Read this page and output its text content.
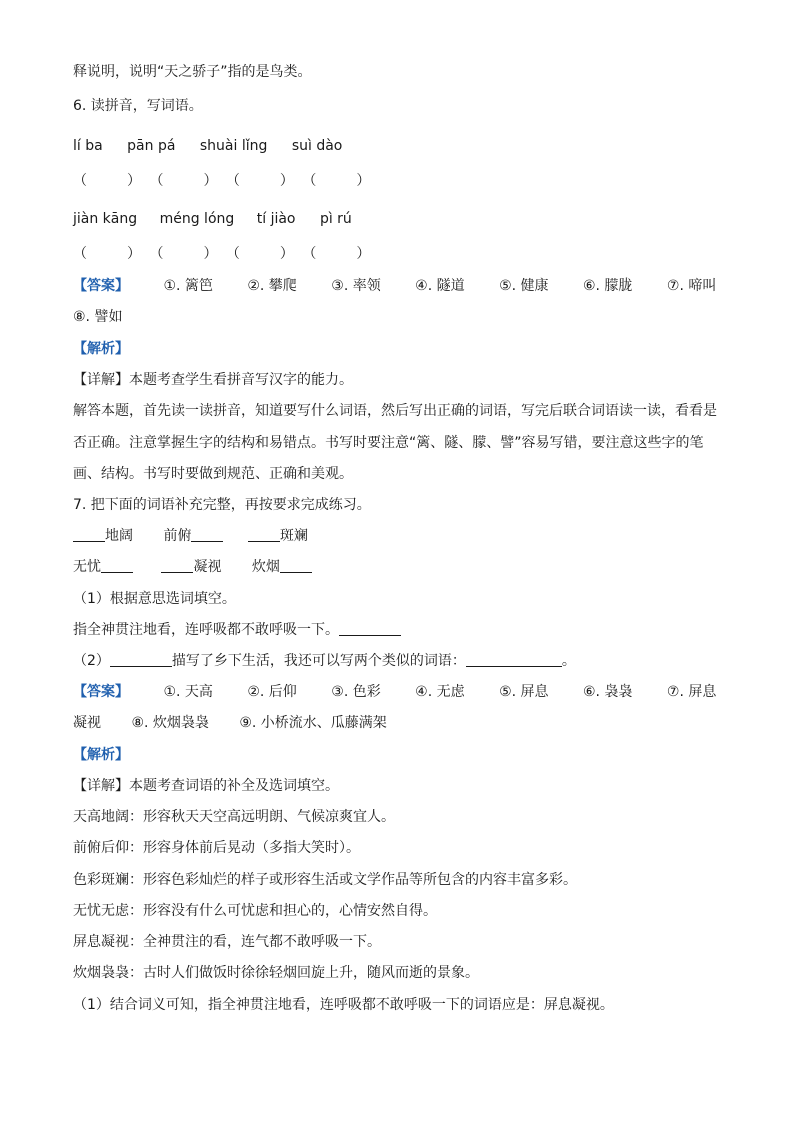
释说明，说明“天之骄子”指的是鸟类。
6. 读拼音，写词语。
lí ba pān pá shuài lǐng suì dào
（	） （	） （	） （	）
jiàn kāng méng lóng tí jiào pì rú
（	） （	） （	） （	）
【答案】 ①. 篱笆 ②. 攀爬 ③. 率领 ④. 隧道 ⑤. 健康 ⑥. 朦胧 ⑦. 啼叫
⑧. 譬如
【解析】
【详解】本题考查学生看拼音写汉字的能力。
解答本题，首先读一读拼音，知道要写什么词语，然后写出正确的词语，写完后联合词语读一读，看看是
否正确。注意掌握生字的结构和易错点。书写时要注意“篱、隧、朦、譬”容易写错，要注意这些字的笔
画、结构。书写时要做到规范、正确和美观。
7. 把下面的词语补充完整，再按要求完成练习。
地阔 前俯	斑斓
无忧	凝视 炊烟
（1）根据意思选词填空。
指全神贯注地看，连呼吸都不敢呼吸一下。
（2）	描写了乡下生活，我还可以写两个类似的词语：	。
【答案】 ①. 天高 ②. 后仰 ③. 色彩 ④. 无虑 ⑤. 屏息 ⑥. 袅袅 ⑦. 屏息
凝视 ⑧. 炊烟袅袅 ⑨. 小桥流水、瓜藤满架
【解析】
【详解】本题考查词语的补全及选词填空。
天高地阔：形容秋天天空高远明朗、气候凉爽宜人。
前俯后仰：形容身体前后晃动（多指大笑时）。
色彩斑斓：形容色彩灿烂的样子或形容生活或文学作品等所包含的内容丰富多彩。
无忧无虑：形容没有什么可忧虑和担心的，心情安然自得。
屏息凝视：全神贯注的看，连气都不敢呼吸一下。
炊烟袅袅：古时人们做饭时徐徐轻烟回旋上升，随风而逝的景象。
（1）结合词义可知，指全神贯注地看，连呼吸都不敢呼吸一下的词语应是：屏息凝视。
